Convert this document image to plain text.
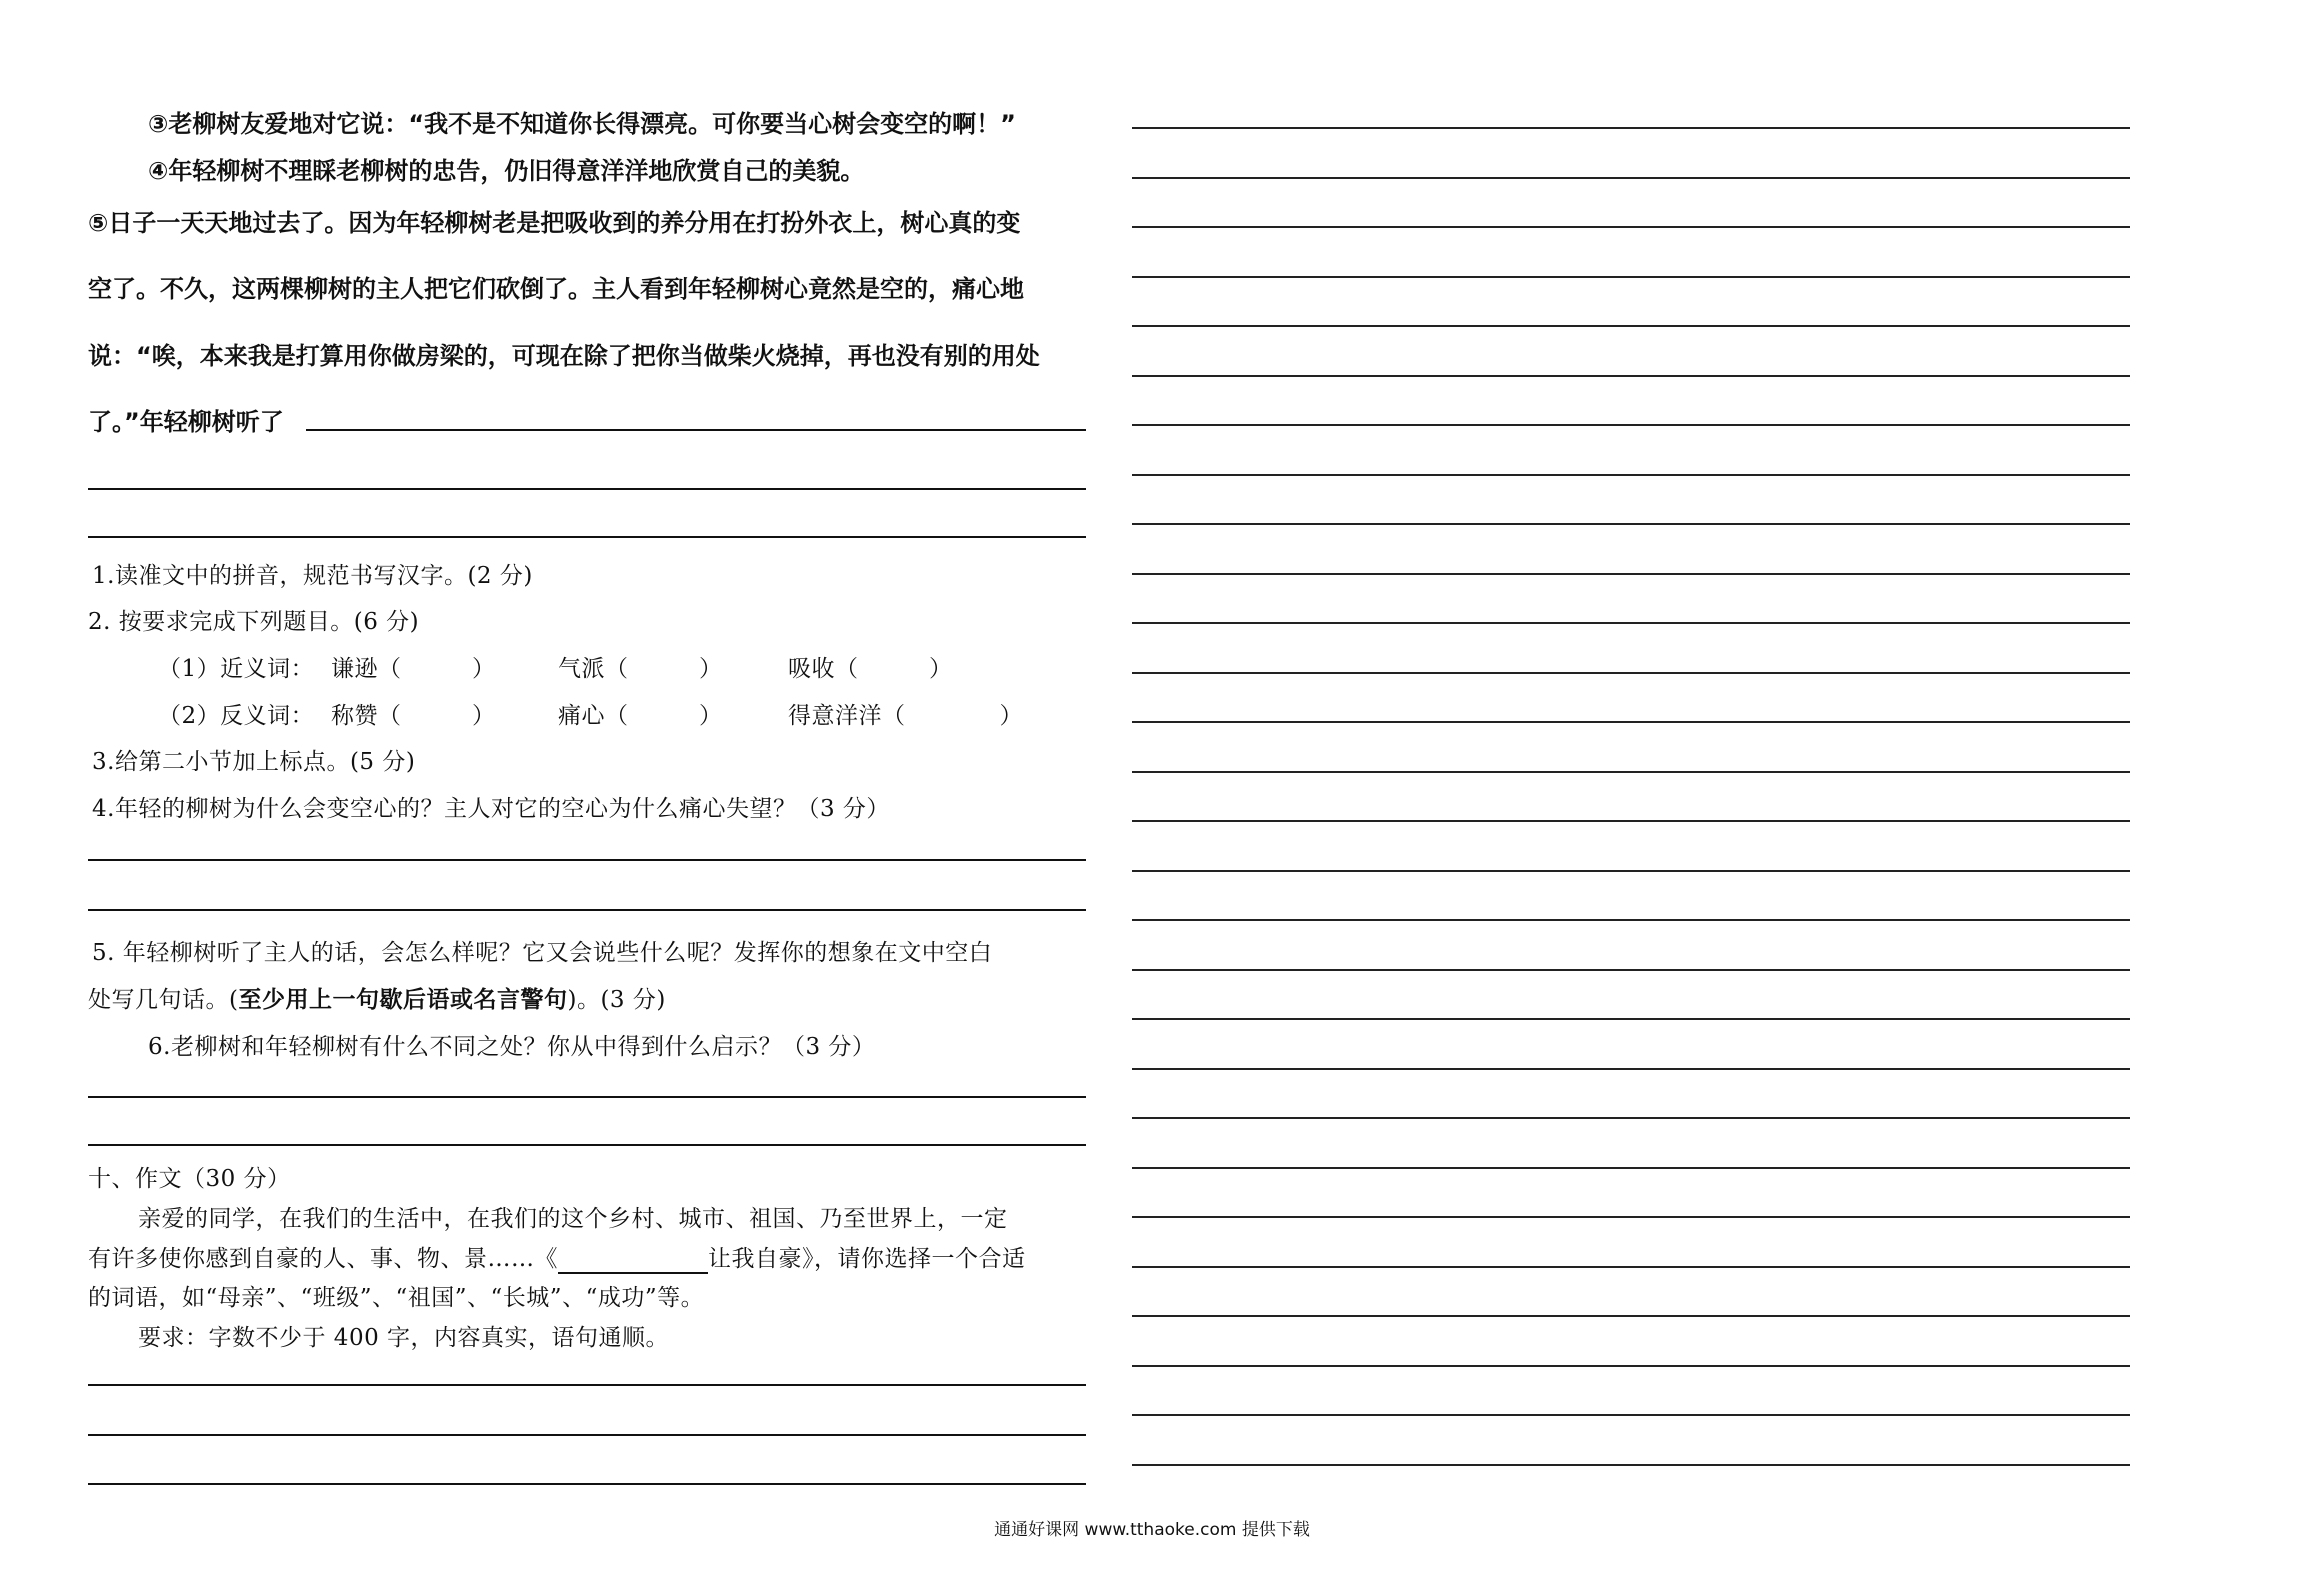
③老柳树友爱地对它说：“我不是不知道你长得漂亮。可你要当心树会变空的啊！”
④年轻柳树不理睬老柳树的忠告，仍旧得意洋洋地欣赏自己的美貌。
⑤日子一天天地过去了。因为年轻柳树老是把吸收到的养分用在打扮外衣上，树心真的变
空了。不久，这两棵柳树的主人把它们砍倒了。主人看到年轻柳树心竟然是空的，痛心地
说：“唉，本来我是打算用你做房梁的，可现在除了把你当做柴火烧掉，再也没有别的用处
了。”年轻柳树听了
1.读准文中的拼音，规范书写汉字。(2 分)
2. 按要求完成下列题目。(6 分)
（1）近义词： 谦逊（　　　）	气派（　　　）	吸收（　　　）
（2）反义词： 称赞（　　　）	痛心（　　　）	得意洋洋（　　　　）
3.给第二小节加上标点。(5 分)
4.年轻的柳树为什么会变空心的？主人对它的空心为什么痛心失望？（3 分）
5. 年轻柳树听了主人的话，会怎么样呢？它又会说些什么呢？发挥你的想象在文中空白
处写几句话。(至少用上一句歇后语或名言警句)。(3 分)
6.老柳树和年轻柳树有什么不同之处？你从中得到什么启示？（3 分）
十、作文（30 分）
亲爱的同学，在我们的生活中，在我们的这个乡村、城市、祖国、乃至世界上，一定
有许多使你感到自豪的人、事、物、景……《	让我自豪》，请你选择一个合适
的词语，如“母亲”、“班级”、“祖国”、“长城”、“成功”等。
要求：字数不少于 400 字，内容真实，语句通顺。
通通好课网 www.tthaoke.com 提供下载
